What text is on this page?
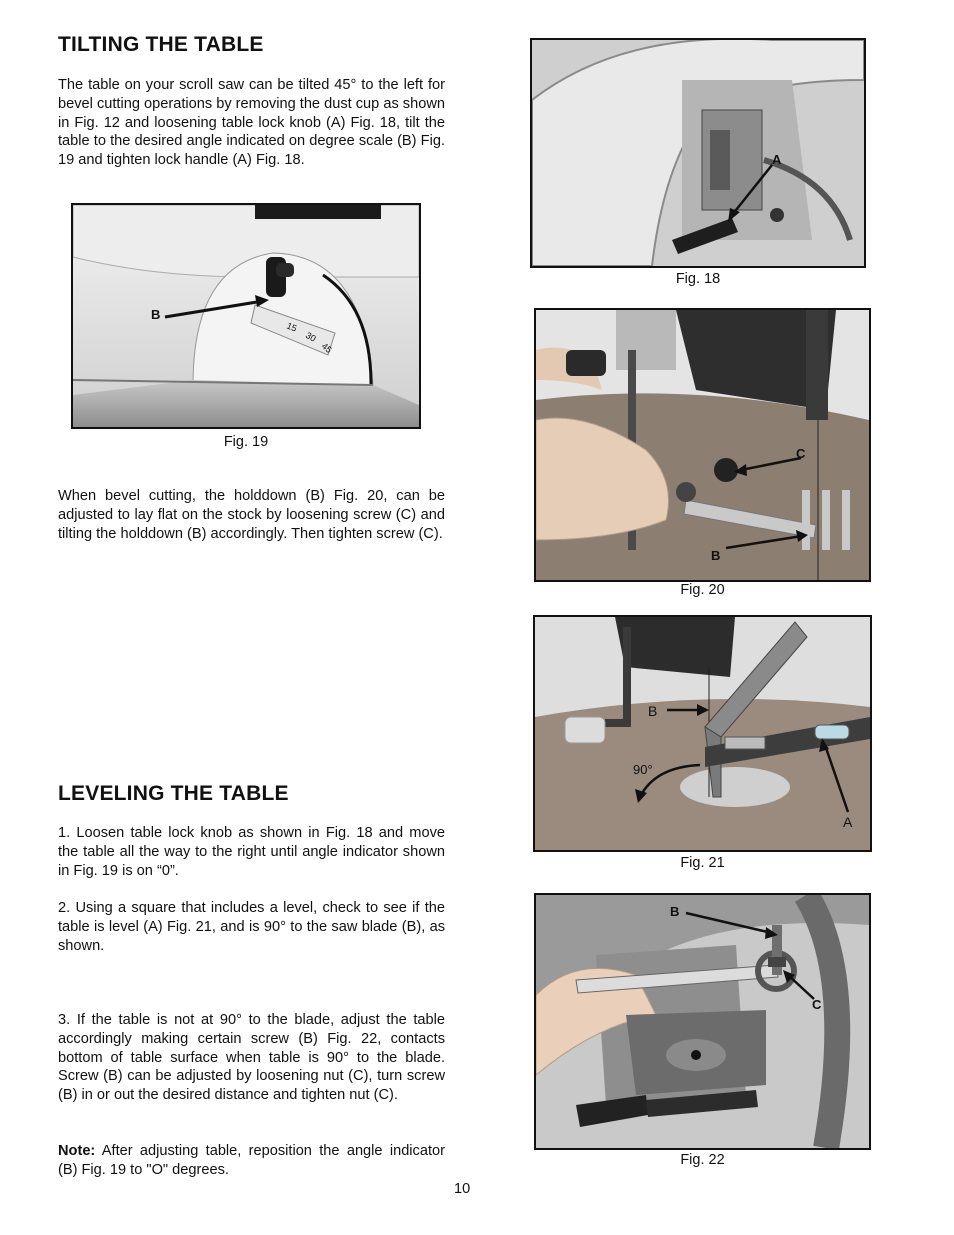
TILTING THE TABLE
The table on your scroll saw can be tilted 45° to the left for bevel cutting operations by removing the dust cup as shown in Fig. 12 and loosening table lock knob (A) Fig. 18, tilt the table to the desired angle indicated on degree scale (B) Fig. 19 and tighten lock handle (A) Fig. 18.
B
15
30
45
Fig. 19
When bevel cutting, the holddown (B) Fig. 20, can be adjusted to lay flat on the stock by loosening screw (C) and tilting the holddown (B) accordingly. Then tighten screw (C).
LEVELING THE TABLE
1. Loosen table lock knob as shown in Fig. 18 and move the table all the way to the right until angle indicator shown in Fig. 19 is on “0”.
2. Using a square that includes a level, check to see if the table is level (A) Fig. 21, and is 90° to the saw blade (B), as shown.
3. If the table is not at 90° to the blade, adjust the table accordingly making certain screw (B) Fig. 22, contacts bottom of table surface when table is 90° to the blade. Screw (B) can be adjusted by loosening nut (C), turn screw (B) in or out the desired distance and tighten nut (C).
Note: After adjusting table, reposition the angle indicator (B) Fig. 19 to "O" degrees.
A
Fig. 18
C
B
Fig. 20
B
90°
A
Fig. 21
B
C
Fig. 22
10
